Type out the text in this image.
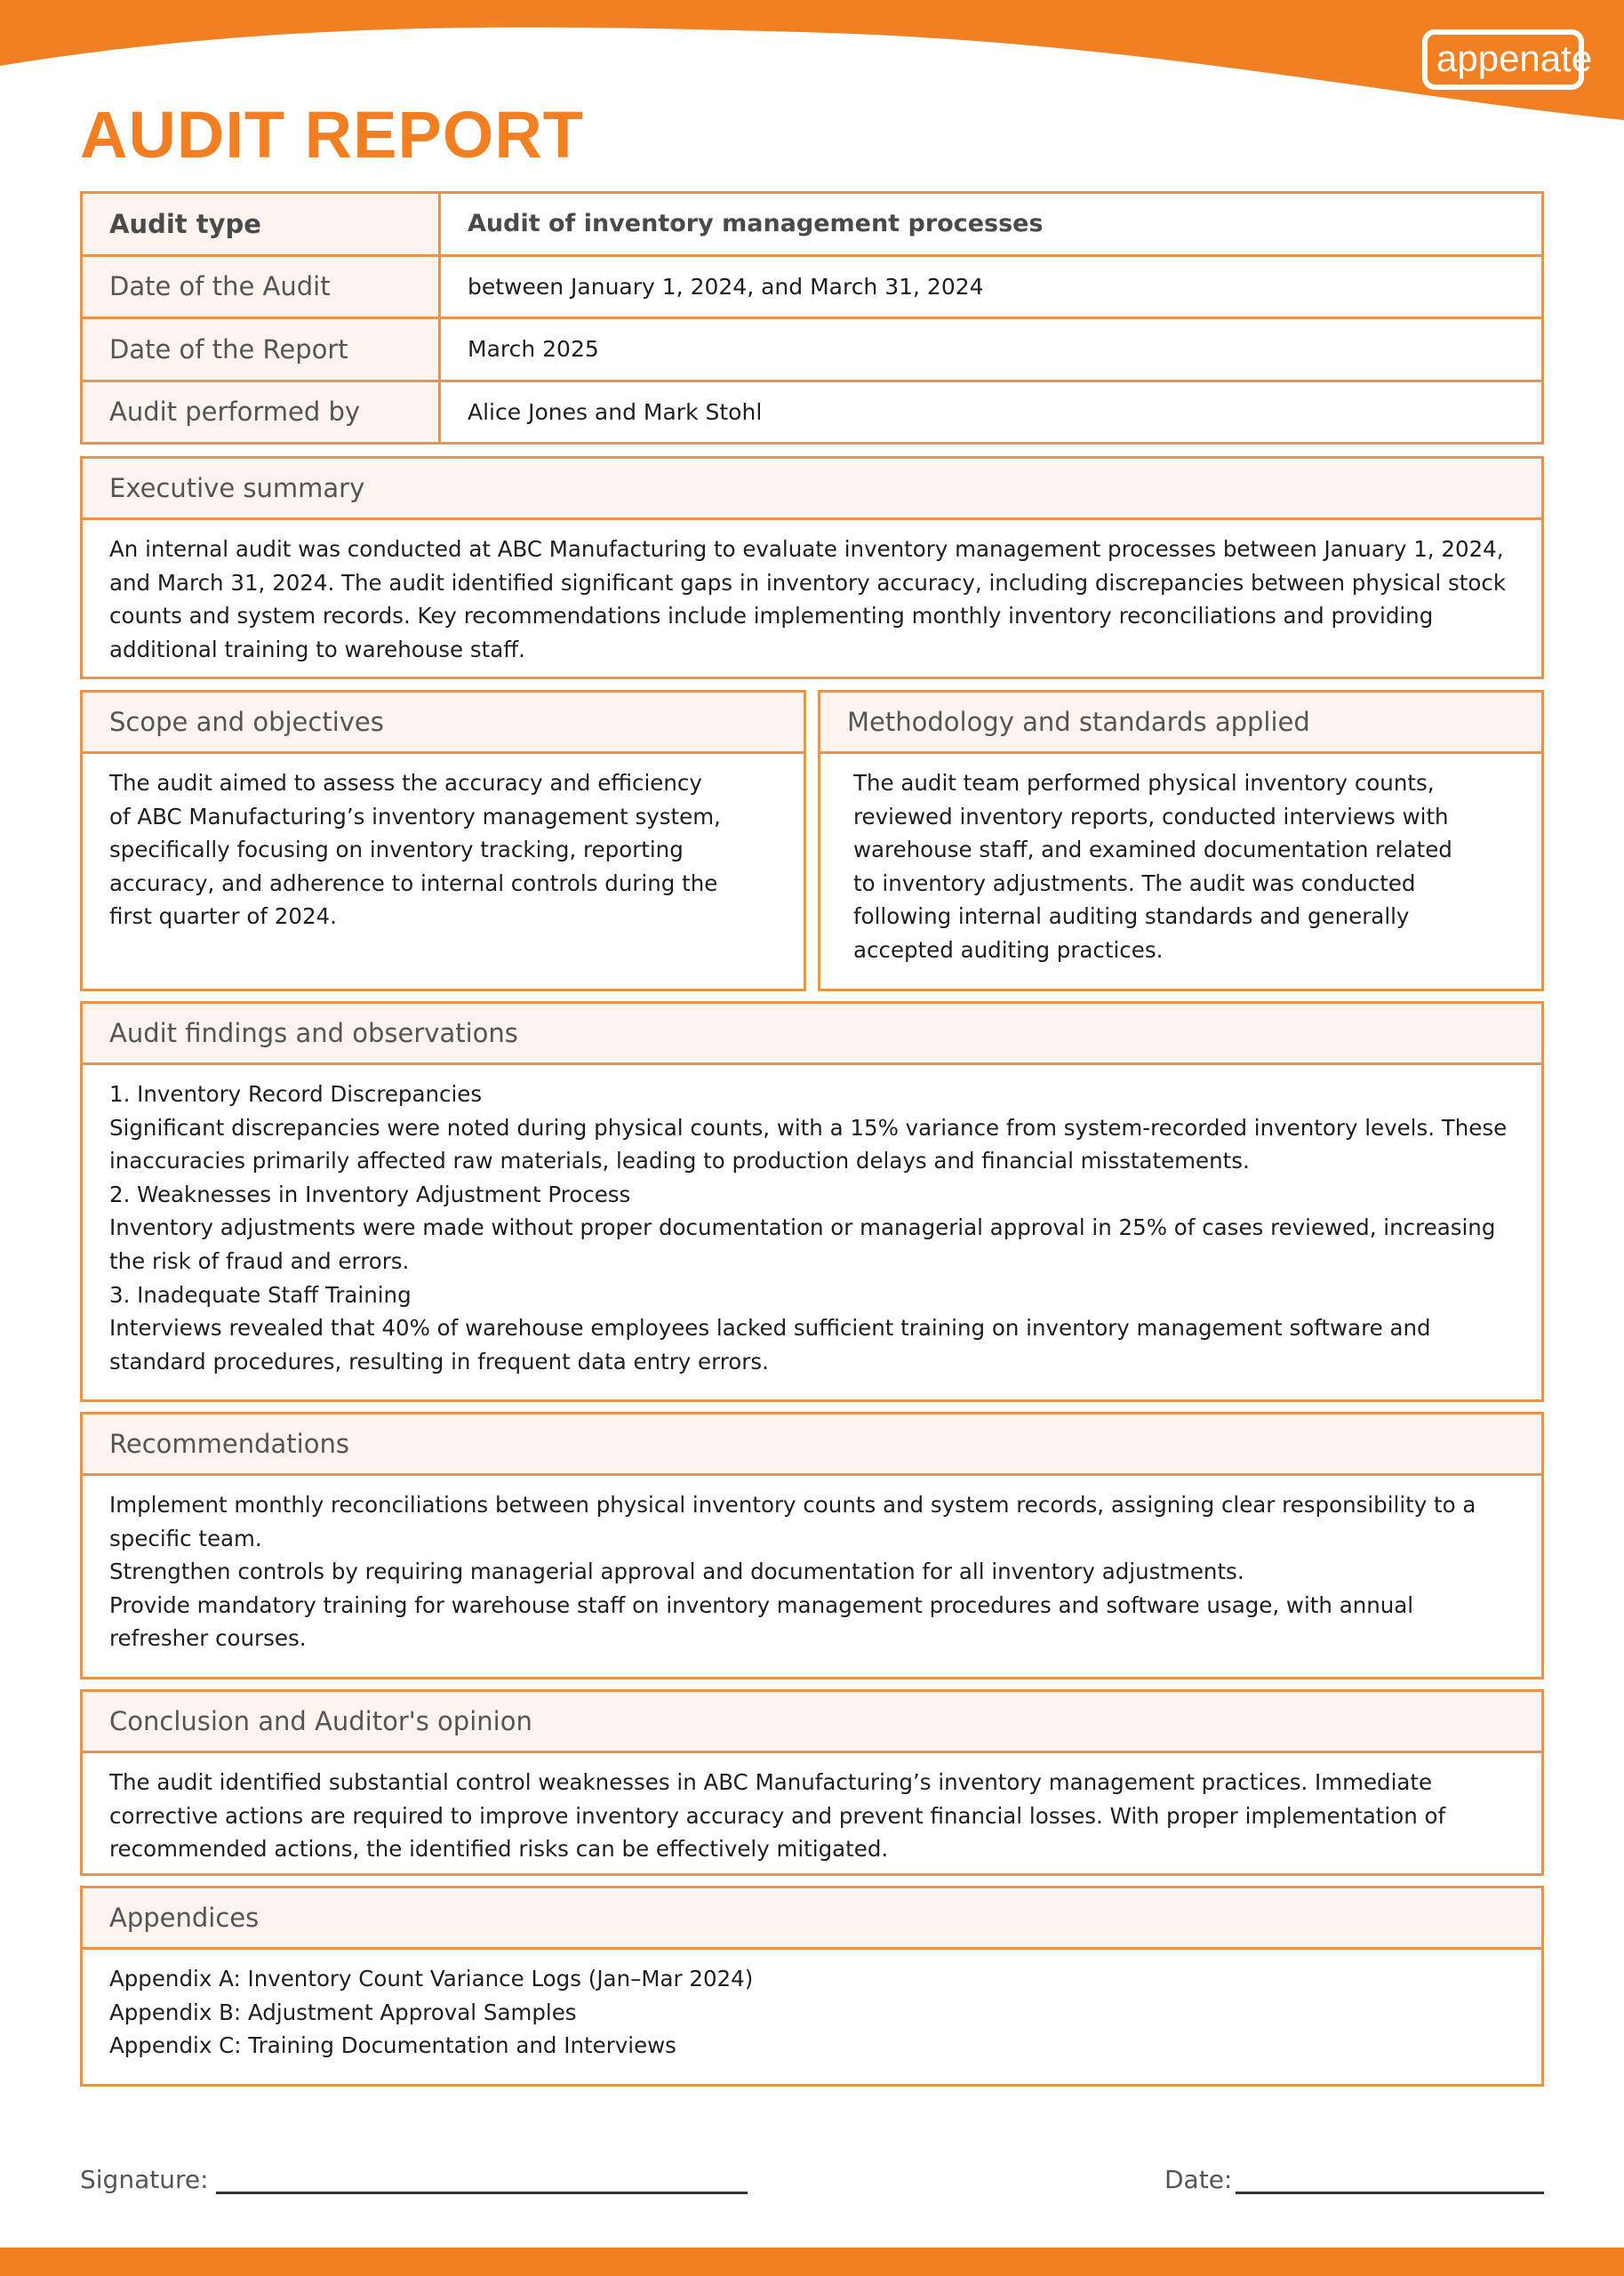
appenate
AUDIT REPORT
Audit type	Audit of inventory management processes
Date of the Audit	between January 1, 2024, and March 31, 2024
Date of the Report	March 2025
Audit performed by	Alice Jones and Mark Stohl
Executive summary
An internal audit was conducted at ABC Manufacturing to evaluate inventory management processes between January 1, 2024, and March 31, 2024. The audit identified significant gaps in inventory accuracy, including discrepancies between physical stock counts and system records. Key recommendations include implementing monthly inventory reconciliations and providing additional training to warehouse staff.
Scope and objectives
The audit aimed to assess the accuracy and efficiency of ABC Manufacturing’s inventory management system, specifically focusing on inventory tracking, reporting accuracy, and adherence to internal controls during the first quarter of 2024.
Methodology and standards applied
The audit team performed physical inventory counts, reviewed inventory reports, conducted interviews with warehouse staff, and examined documentation related to inventory adjustments. The audit was conducted following internal auditing standards and generally accepted auditing practices.
Audit findings and observations

1. Inventory Record Discrepancies

Significant discrepancies were noted during physical counts, with a 15% variance from system-recorded inventory levels. These inaccuracies primarily affected raw materials, leading to production delays and financial misstatements.

2. Weaknesses in Inventory Adjustment Process

Inventory adjustments were made without proper documentation or managerial approval in 25% of cases reviewed, increasing the risk of fraud and errors.

3. Inadequate Staff Training

Interviews revealed that 40% of warehouse employees lacked sufficient training on inventory management software and standard procedures, resulting in frequent data entry errors.

Recommendations

Implement monthly reconciliations between physical inventory counts and system records, assigning clear responsibility to a specific team.

Strengthen controls by requiring managerial approval and documentation for all inventory adjustments.

Provide mandatory training for warehouse staff on inventory management procedures and software usage, with annual refresher courses.

Conclusion and Auditor's opinion
The audit identified substantial control weaknesses in ABC Manufacturing’s inventory management practices. Immediate corrective actions are required to improve inventory accuracy and prevent financial losses. With proper implementation of recommended actions, the identified risks can be effectively mitigated.
Appendices

Appendix A: Inventory Count Variance Logs (Jan–Mar 2024)

Appendix B: Adjustment Approval Samples

Appendix C: Training Documentation and Interviews

Signature:	Date:
